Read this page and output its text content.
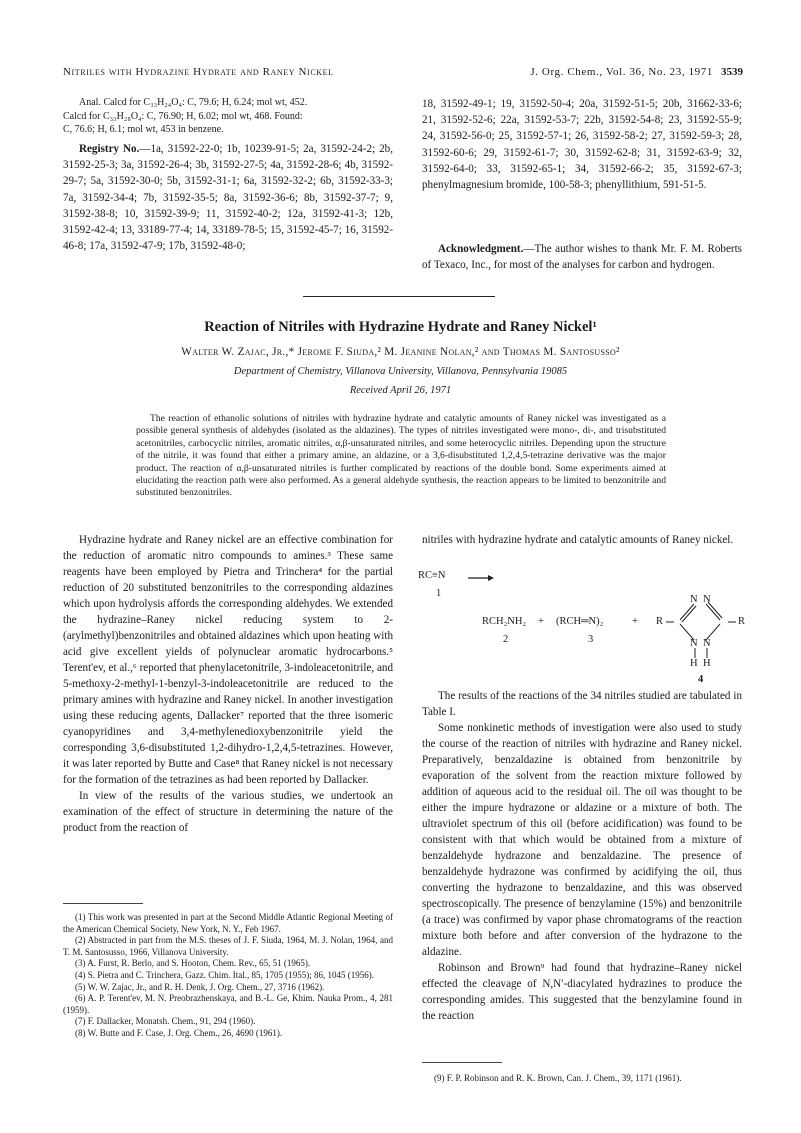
Nitriles with Hydrazine Hydrate and Raney Nickel	J. Org. Chem., Vol. 36, No. 23, 1971 3539
Anal. Calcd for C₃₃H₂₄O₄: C, 79.6; H, 6.24; mol wt, 452.
Calcd for C₃₃H₂₈O₄: C, 76.90; H, 6.02; mol wt, 468. Found:
C, 76.6; H, 6.1; mol wt, 453 in benzene.
Registry No.—1a, 31592-22-0; 1b, 10239-91-5; 2a, 31592-24-2; 2b, 31592-25-3; 3a, 31592-26-4; 3b, 31592-27-5; 4a, 31592-28-6; 4b, 31592-29-7; 5a, 31592-30-0; 5b, 31592-31-1; 6a, 31592-32-2; 6b, 31592-33-3; 7a, 31592-34-4; 7b, 31592-35-5; 8a, 31592-36-6; 8b, 31592-37-7; 9, 31592-38-8; 10, 31592-39-9; 11, 31592-40-2; 12a, 31592-41-3; 12b, 31592-42-4; 13, 33189-77-4; 14, 33189-78-5; 15, 31592-45-7; 16, 31592-46-8; 17a, 31592-47-9; 17b, 31592-48-0;
18, 31592-49-1; 19, 31592-50-4; 20a, 31592-51-5; 20b, 31662-33-6; 21, 31592-52-6; 22a, 31592-53-7; 22b, 31592-54-8; 23, 31592-55-9; 24, 31592-56-0; 25, 31592-57-1; 26, 31592-58-2; 27, 31592-59-3; 28, 31592-60-6; 29, 31592-61-7; 30, 31592-62-8; 31, 31592-63-9; 32, 31592-64-0; 33, 31592-65-1; 34, 31592-66-2; 35, 31592-67-3; phenylmagnesium bromide, 100-58-3; phenyllithium, 591-51-5.
Acknowledgment.—The author wishes to thank Mr. F. M. Roberts of Texaco, Inc., for most of the analyses for carbon and hydrogen.
Reaction of Nitriles with Hydrazine Hydrate and Raney Nickel¹
Walter W. Zajac, Jr.,* Jerome F. Siuda,² M. Jeanine Nolan,² and Thomas M. Santosusso²
Department of Chemistry, Villanova University, Villanova, Pennsylvania 19085
Received April 26, 1971
The reaction of ethanolic solutions of nitriles with hydrazine hydrate and catalytic amounts of Raney nickel was investigated as a possible general synthesis of aldehydes (isolated as the aldazines). The types of nitriles investigated were mono-, di-, and trisubstituted acetonitriles, carbocyclic nitriles, aromatic nitriles, α,β-unsaturated nitriles, and some heterocyclic nitriles. Depending upon the structure of the nitrile, it was found that either a primary amine, an aldazine, or a 3,6-disubstituted 1,2,4,5-tetrazine derivative was the major product. The reaction of α,β-unsaturated nitriles is further complicated by reactions of the double bond. Some experiments aimed at elucidating the reaction path were also performed. As a general aldehyde synthesis, the reaction appears to be limited to benzonitrile and substituted benzonitriles.

Hydrazine hydrate and Raney nickel are an effective combination for the reduction of aromatic nitro compounds to amines.³ These same reagents have been employed by Pietra and Trinchera⁴ for the partial reduction of 20 substituted benzonitriles to the corresponding aldazines which upon hydrolysis affords the corresponding aldehydes. We extended the hydrazine–Raney nickel reducing system to 2-(arylmethyl)benzonitriles and obtained aldazines which upon heating with acid give excellent yields of polynuclear aromatic hydrocarbons.⁵ Terent'ev, et al.,⁶ reported that phenylacetonitrile, 3-indoleacetonitrile, and 5-methoxy-2-methyl-1-benzyl-3-indoleacetonitrile are reduced to the primary amines with hydrazine and Raney nickel. In another investigation using these reducing agents, Dallacker⁷ reported that the three isomeric cyanopyridines and 3,4-methylenedioxybenzonitrile yield the corresponding 3,6-disubstituted 1,2-dihydro-1,2,4,5-tetrazines. However, it was later reported by Butte and Case⁸ that Raney nickel is not necessary for the formation of the tetrazines as had been reported by Dallacker.

In view of the results of the various studies, we undertook an examination of the effect of structure in determining the nature of the product from the reaction of

(1) This work was presented in part at the Second Middle Atlantic Regional Meeting of the American Chemical Society, New York, N. Y., Feb 1967.
(2) Abstracted in part from the M.S. theses of J. F. Siuda, 1964, M. J. Nolan, 1964, and T. M. Santosusso, 1966, Villanova University.
(3) A. Furst, R. Berlo, and S. Hooton, Chem. Rev., 65, 51 (1965).
(4) S. Pietra and C. Trinchera, Gazz. Chim. Ital., 85, 1705 (1955); 86, 1045 (1956).
(5) W. W. Zajac, Jr., and R. H. Denk, J. Org. Chem., 27, 3716 (1962).
(6) A. P. Terent'ev, M. N. Preobrazhenskaya, and B.-L. Ge, Khim. Nauka Prom., 4, 281 (1959).
(7) F. Dallacker, Monatsh. Chem., 91, 294 (1960).
(8) W. Butte and F. Case, J. Org. Chem., 26, 4690 (1961).

nitriles with hydrazine hydrate and catalytic amounts of Raney nickel.

RC≡N
1
RCH₂NH₂
2
+ (RCH═N)₂
3
+ R	R
N N
N N
H H
4

The results of the reactions of the 34 nitriles studied are tabulated in Table I.

Some nonkinetic methods of investigation were also used to study the course of the reaction of nitriles with hydrazine and Raney nickel. Preparatively, benzaldazine is obtained from benzonitrile by evaporation of the solvent from the reaction mixture followed by addition of aqueous acid to the residual oil. The oil was thought to be either the impure hydrazone or aldazine or a mixture of both. The ultraviolet spectrum of this oil (before acidification) was found to be consistent with that which would be obtained from a mixture of benzaldehyde hydrazone and benzaldazine. The presence of benzaldehyde hydrazone was confirmed by acidifying the oil, thus converting the hydrazone to benzaldazine, and this was observed spectroscopically. The presence of benzylamine (15%) and benzonitrile (a trace) was confirmed by vapor phase chromatograms of the reaction mixture both before and after conversion of the hydrazone to the aldazine.

Robinson and Brown⁹ had found that hydrazine–Raney nickel effected the cleavage of N,N′-diacylated hydrazines to produce the corresponding amides. This suggested that the benzylamine found in the reaction

(9) F. P. Robinson and R. K. Brown, Can. J. Chem., 39, 1171 (1961).
